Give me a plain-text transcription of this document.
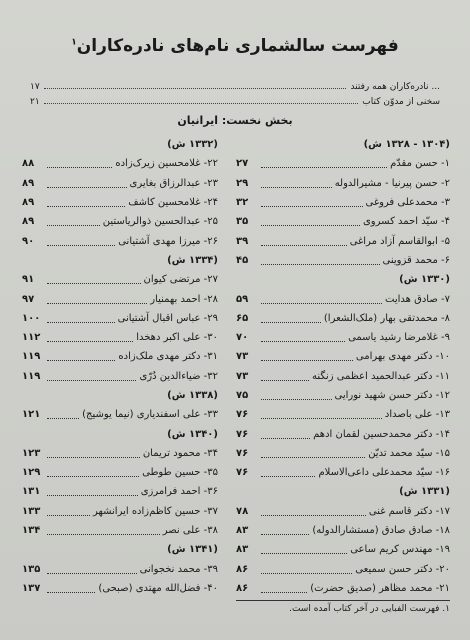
فهرست سالشماری نام‌های نادره‌کاران$^۱$
... نادره‌کاران همه رفتند
۱۷
سخنی از مدوّن کتاب
۲۱
بخش نخست: ایرانیان
(۱۳۰۴ - ۱۳۲۸ ش)
۱- حسن مقدّم
۲۷
۲- حسن پیرنیا - مشیرالدوله
۲۹
۳- محمدعلی فروغی
۳۲
۴- سیّد احمد کسروی
۳۵
۵- ابوالقاسم آزاد مراغی
۳۹
۶- محمد قزوینی
۴۵
(۱۳۳۰ ش)
۷- صادق هدایت
۵۹
۸- محمدتقی بهار (ملک‌الشعرا)
۶۵
۹- غلامرضا رشید یاسمی
۷۰
۱۰- دکتر مهدی بهرامی
۷۳
۱۱- دکتر عبدالحمید اعظمی زنگنه
۷۳
۱۲- دکتر حسن شهید نورایی
۷۵
۱۳- علی باصداد
۷۶
۱۴- دکتر محمدحسین لقمان ادهم
۷۶
۱۵- سیّد محمد تدیّن
۷۶
۱۶- سیّد محمدعلی داعی‌الاسلام
۷۶
(۱۳۳۱ ش)
۱۷- دکتر قاسم غنی
۷۸
۱۸- صادق صادق (مستشارالدوله)
۸۳
۱۹- مهندس کریم ساعی
۸۳
۲۰- دکتر حسن سمیعی
۸۶
۲۱- محمد مظاهر (صدیق حضرت)
۸۶
(۱۳۳۲ ش)
۲۲- غلامحسین زیرک‌زاده
۸۸
۲۳- عبدالرزاق بغایری
۸۹
۲۴- غلامحسین کاشف
۸۹
۲۵- عبدالحسین ذوالریاستین
۸۹
۲۶- میرزا مهدی آشتیانی
۹۰
(۱۳۳۴ ش)
۲۷- مرتضی کیوان
۹۱
۲۸- احمد بهمنیار
۹۷
۲۹- عباس اقبال آشتیانی
۱۰۰
۳۰- علی اکبر دهخدا
۱۱۲
۳۱- دکتر مهدی ملک‌زاده
۱۱۹
۳۲- ضیاءالدین دُرّی
۱۱۹
(۱۳۳۸ ش)
۳۳- علی اسفندیاری (نیما یوشیج)
۱۲۱
(۱۳۴۰ ش)
۳۴- محمود تریمان
۱۲۳
۳۵- حسین طوطی
۱۲۹
۳۶- احمد فرامرزی
۱۳۱
۳۷- حسین کاظم‌زاده ایرانشهر
۱۳۳
۳۸- علی نصر
۱۳۴
(۱۳۴۱ ش)
۳۹- محمد نخجوانی
۱۳۵
۴۰- فضل‌الله مهتدی (صبحی)
۱۳۷
۱. فهرست الفبایی در آخر کتاب آمده است.
